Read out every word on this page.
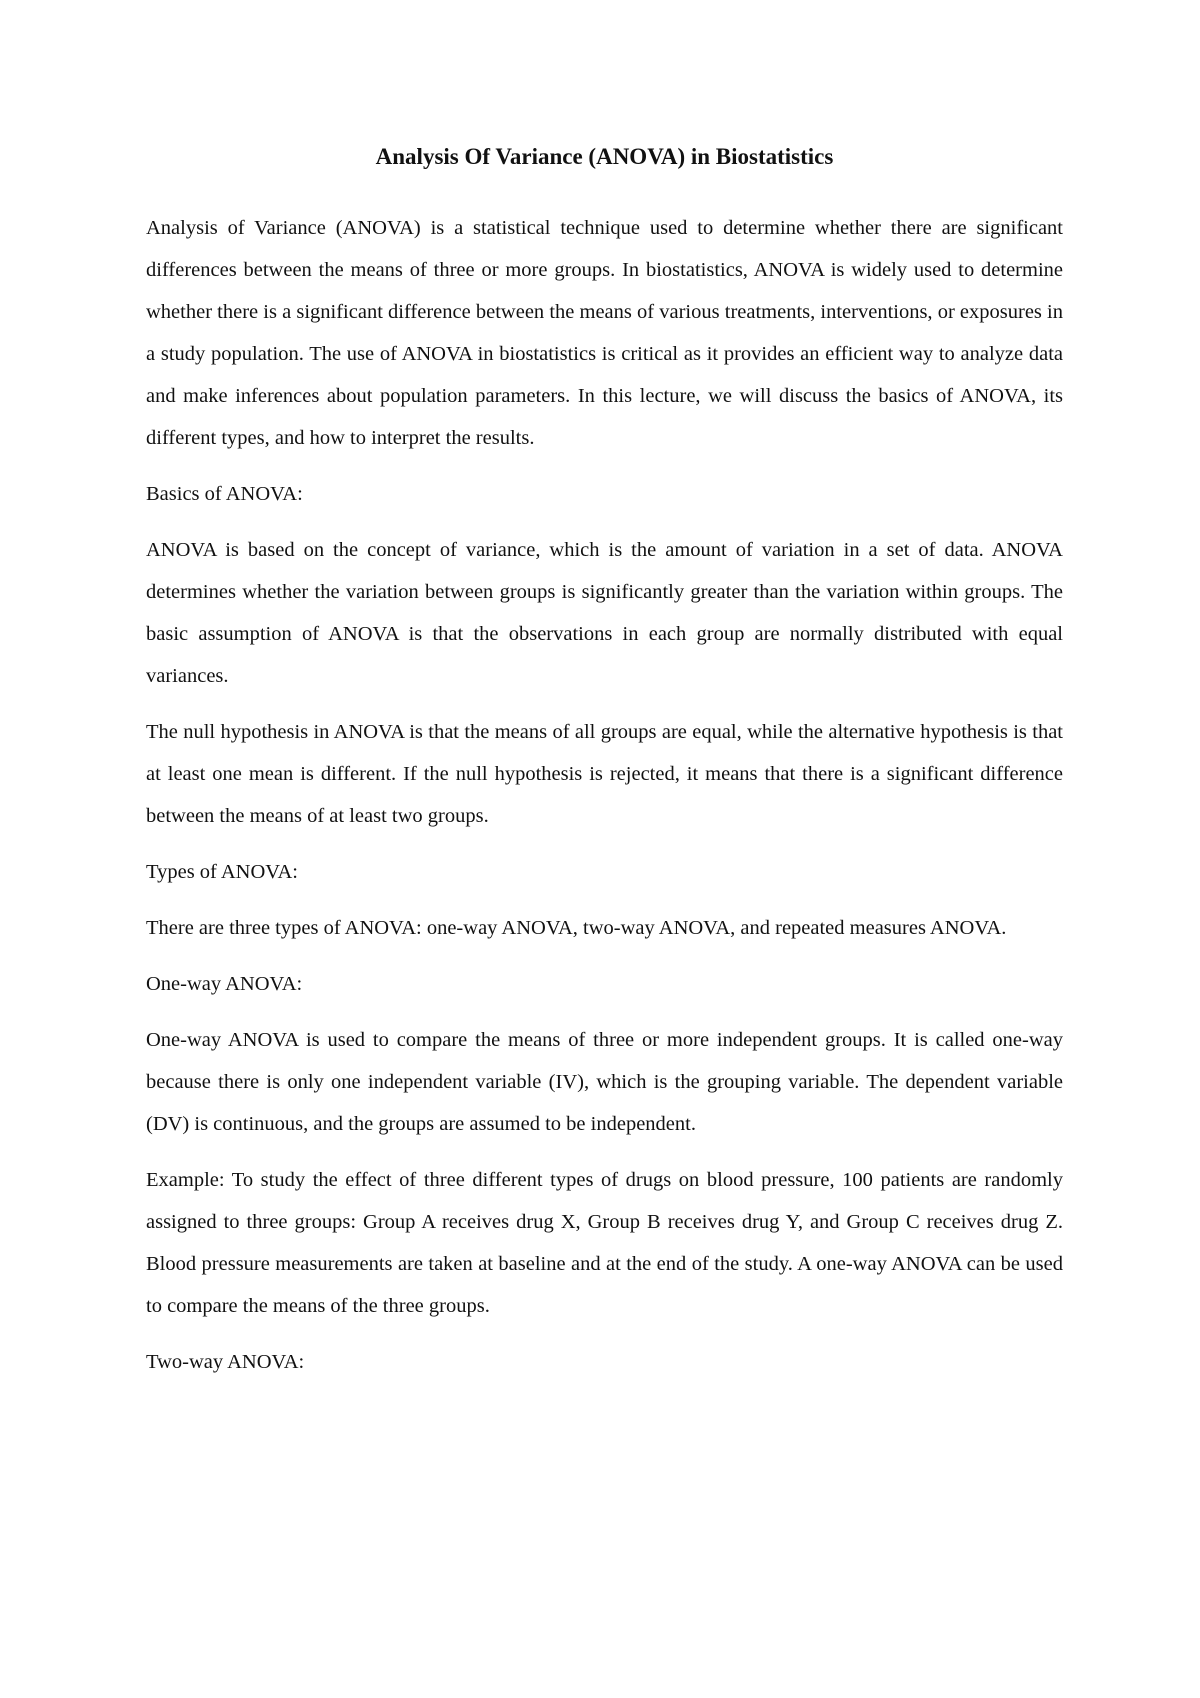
Analysis Of Variance (ANOVA) in Biostatistics

Analysis of Variance (ANOVA) is a statistical technique used to determine whether there are significant differences between the means of three or more groups. In biostatistics, ANOVA is widely used to determine whether there is a significant difference between the means of various treatments, interventions, or exposures in a study population. The use of ANOVA in biostatistics is critical as it provides an efficient way to analyze data and make inferences about population parameters. In this lecture, we will discuss the basics of ANOVA, its different types, and how to interpret the results.

Basics of ANOVA:

ANOVA is based on the concept of variance, which is the amount of variation in a set of data. ANOVA determines whether the variation between groups is significantly greater than the variation within groups. The basic assumption of ANOVA is that the observations in each group are normally distributed with equal variances.

The null hypothesis in ANOVA is that the means of all groups are equal, while the alternative hypothesis is that at least one mean is different. If the null hypothesis is rejected, it means that there is a significant difference between the means of at least two groups.

Types of ANOVA:

There are three types of ANOVA: one-way ANOVA, two-way ANOVA, and repeated measures ANOVA.

One-way ANOVA:

One-way ANOVA is used to compare the means of three or more independent groups. It is called one-way because there is only one independent variable (IV), which is the grouping variable. The dependent variable (DV) is continuous, and the groups are assumed to be independent.

Example: To study the effect of three different types of drugs on blood pressure, 100 patients are randomly assigned to three groups: Group A receives drug X, Group B receives drug Y, and Group C receives drug Z. Blood pressure measurements are taken at baseline and at the end of the study. A one-way ANOVA can be used to compare the means of the three groups.

Two-way ANOVA:
